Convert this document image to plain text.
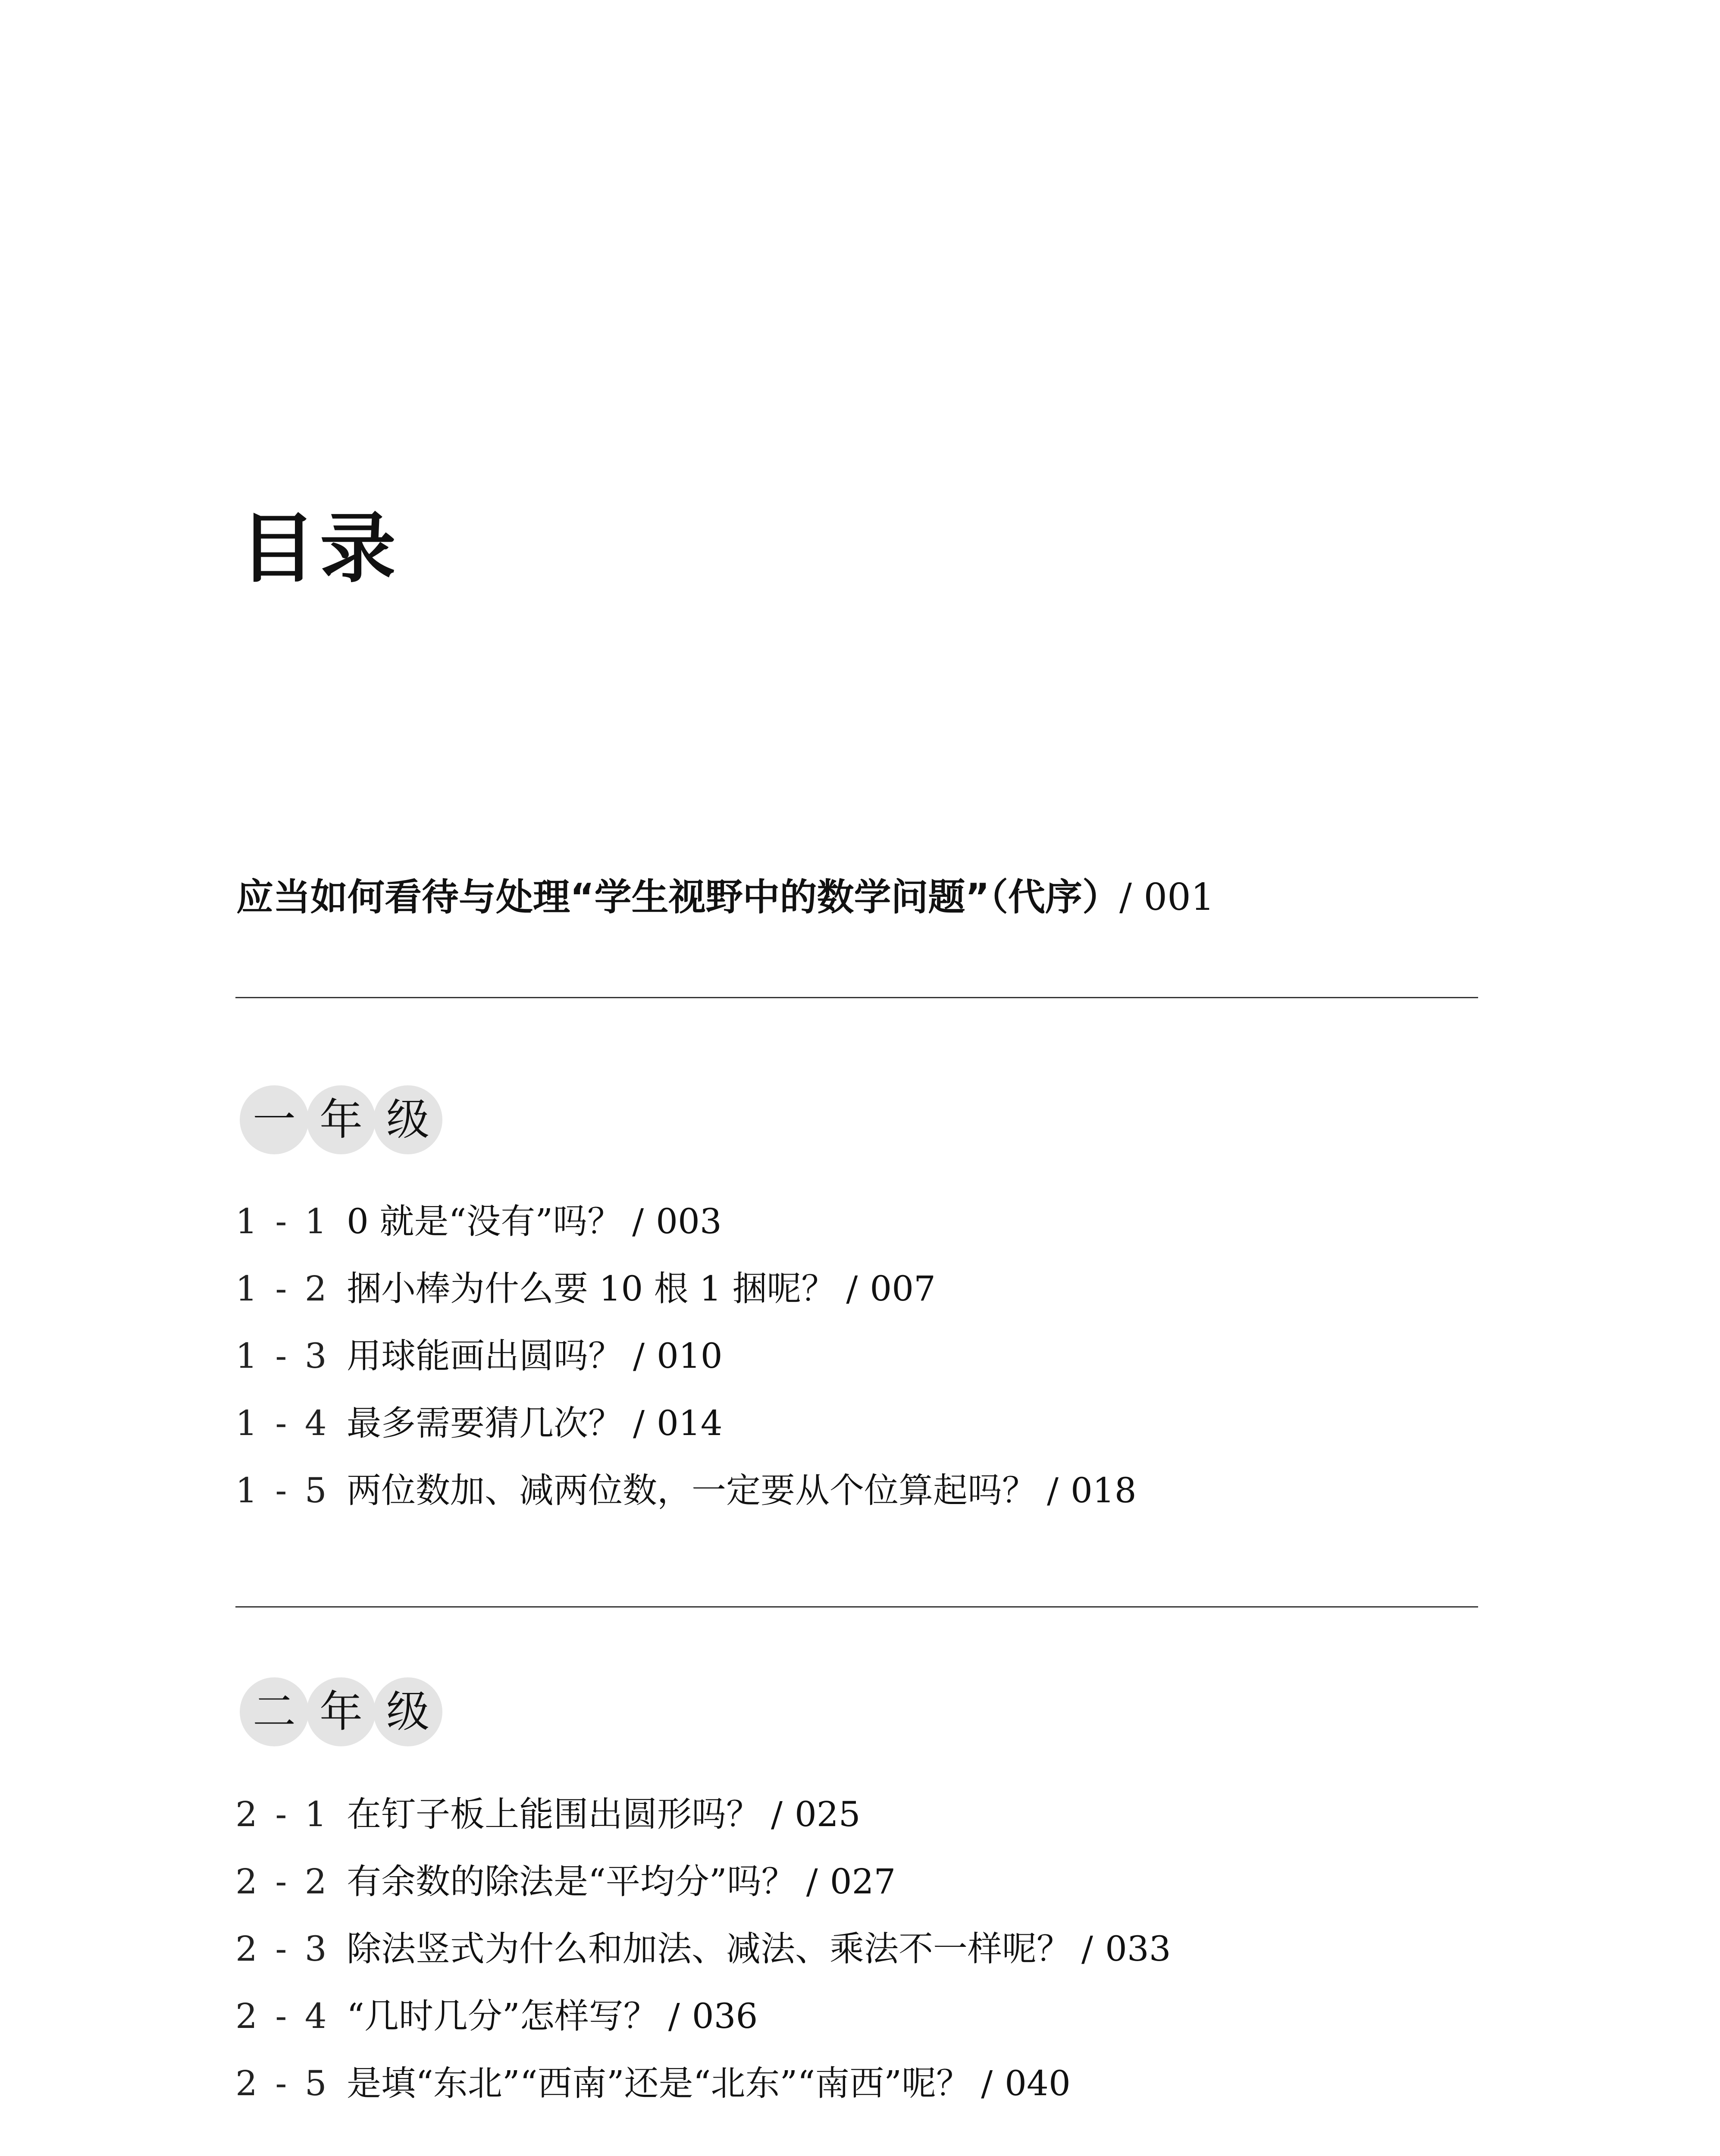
目录
应当如何看待与处理“学生视野中的数学问题”（代序）/ 001
一 年 级
1 - 1 0 就是“没有”吗？ / 003
1 - 2 捆小棒为什么要 10 根 1 捆呢？ / 007
1 - 3 用球能画出圆吗？ / 010
1 - 4 最多需要猜几次？ / 014
1 - 5 两位数加、减两位数，一定要从个位算起吗？ / 018
二 年 级
2 - 1 在钉子板上能围出圆形吗？ / 025
2 - 2 有余数的除法是“平均分”吗？ / 027
2 - 3 除法竖式为什么和加法、减法、乘法不一样呢？ / 033
2 - 4 “几时几分”怎样写？ / 036
2 - 5 是填“东北”“西南”还是“北东”“南西”呢？ / 040
